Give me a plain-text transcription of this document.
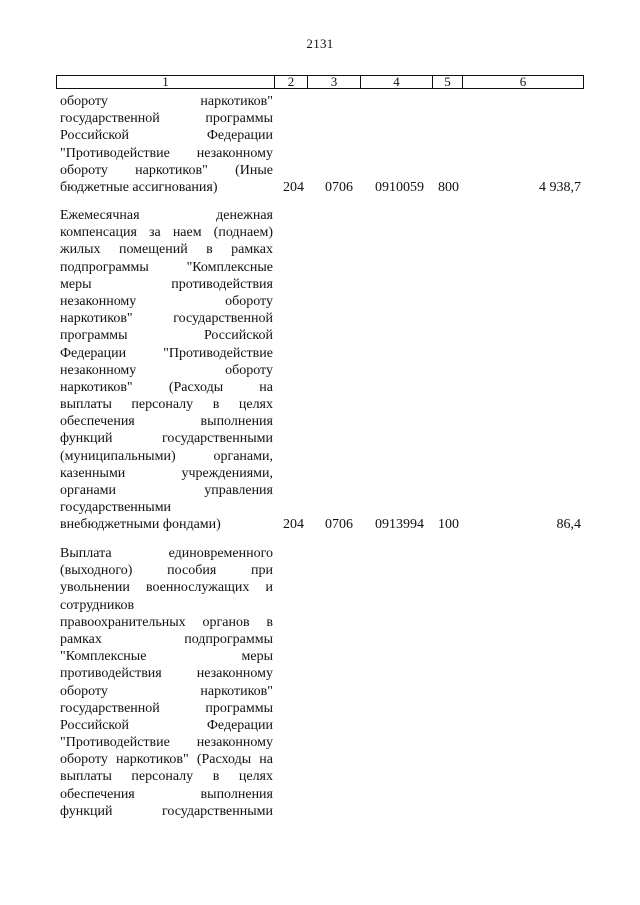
2131
1	2	3	4	5	6
обороту наркотиков"
государственной программы
Российской Федерации
"Противодействие незаконному
обороту наркотиков" (Иные
бюджетные ассигнования)	204 0706 0910059 800	4 938,7
Ежемесячная денежная
компенсация за наем (поднаем)
жилых помещений в рамках
подпрограммы "Комплексные
меры противодействия
незаконному обороту
наркотиков" государственной
программы Российской
Федерации "Противодействие
незаконному обороту
наркотиков" (Расходы на
выплаты персоналу в целях
обеспечения выполнения
функций государственными
(муниципальными) органами,
казенными учреждениями,
органами управления
государственными
внебюджетными фондами)	204 0706 0913994 100	86,4
Выплата единовременного
(выходного) пособия при
увольнении военнослужащих и
сотрудников
правоохранительных органов в
рамках подпрограммы
"Комплексные меры
противодействия незаконному
обороту наркотиков"
государственной программы
Российской Федерации
"Противодействие незаконному
обороту наркотиков" (Расходы на
выплаты персоналу в целях
обеспечения выполнения
функций государственными
